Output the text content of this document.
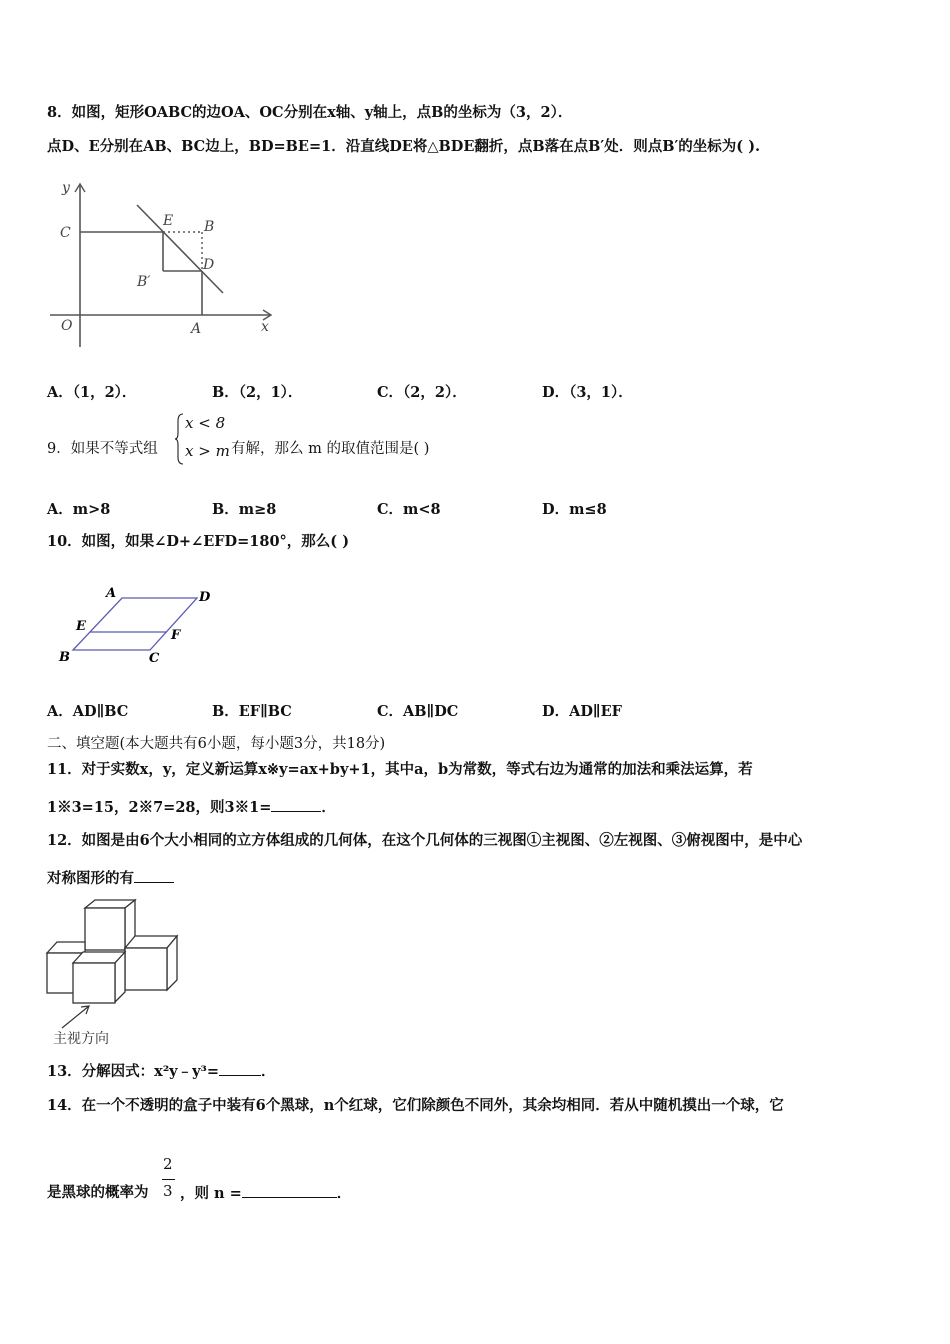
8．如图，矩形OABC的边OA、OC分别在x轴、y轴上，点B的坐标为（3，2）．
点D、E分别在AB、BC边上，BD=BE=1．沿直线DE将△BDE翻折，点B落在点B′处．则点B′的坐标为( ).
y
x
O	A
C
E B
D
B′
A．（1，2）．	B．（2，1）．	C．（2，2）．	D．（3，1）．
9．如果不等式组
x < 8
x > m 有解，那么 m 的取值范围是( )
A．m>8	B．m≥8	C．m<8	D．m≤8
10．如图，如果∠D+∠EFD=180°，那么( )
A	D
E
F
B	C
A．AD∥BC	B．EF∥BC	C．AB∥DC	D．AD∥EF
二、填空题(本大题共有6小题，每小题3分，共18分)
11．对于实数x，y，定义新运算x※y=ax+by+1，其中a，b为常数，等式右边为通常的加法和乘法运算，若
1※3=15，2※7=28，则3※1=	．
12．如图是由6个大小相同的立方体组成的几何体，在这个几何体的三视图①主视图、②左视图、③俯视图中，是中心
对称图形的有
主视方向
13．分解因式：x²y﹣y³=	．
14．在一个不透明的盒子中装有6个黑球，n个红球，它们除颜色不同外，其余均相同．若从中随机摸出一个球，它
是黑球的概率为
2
3 ，则 n =	．
